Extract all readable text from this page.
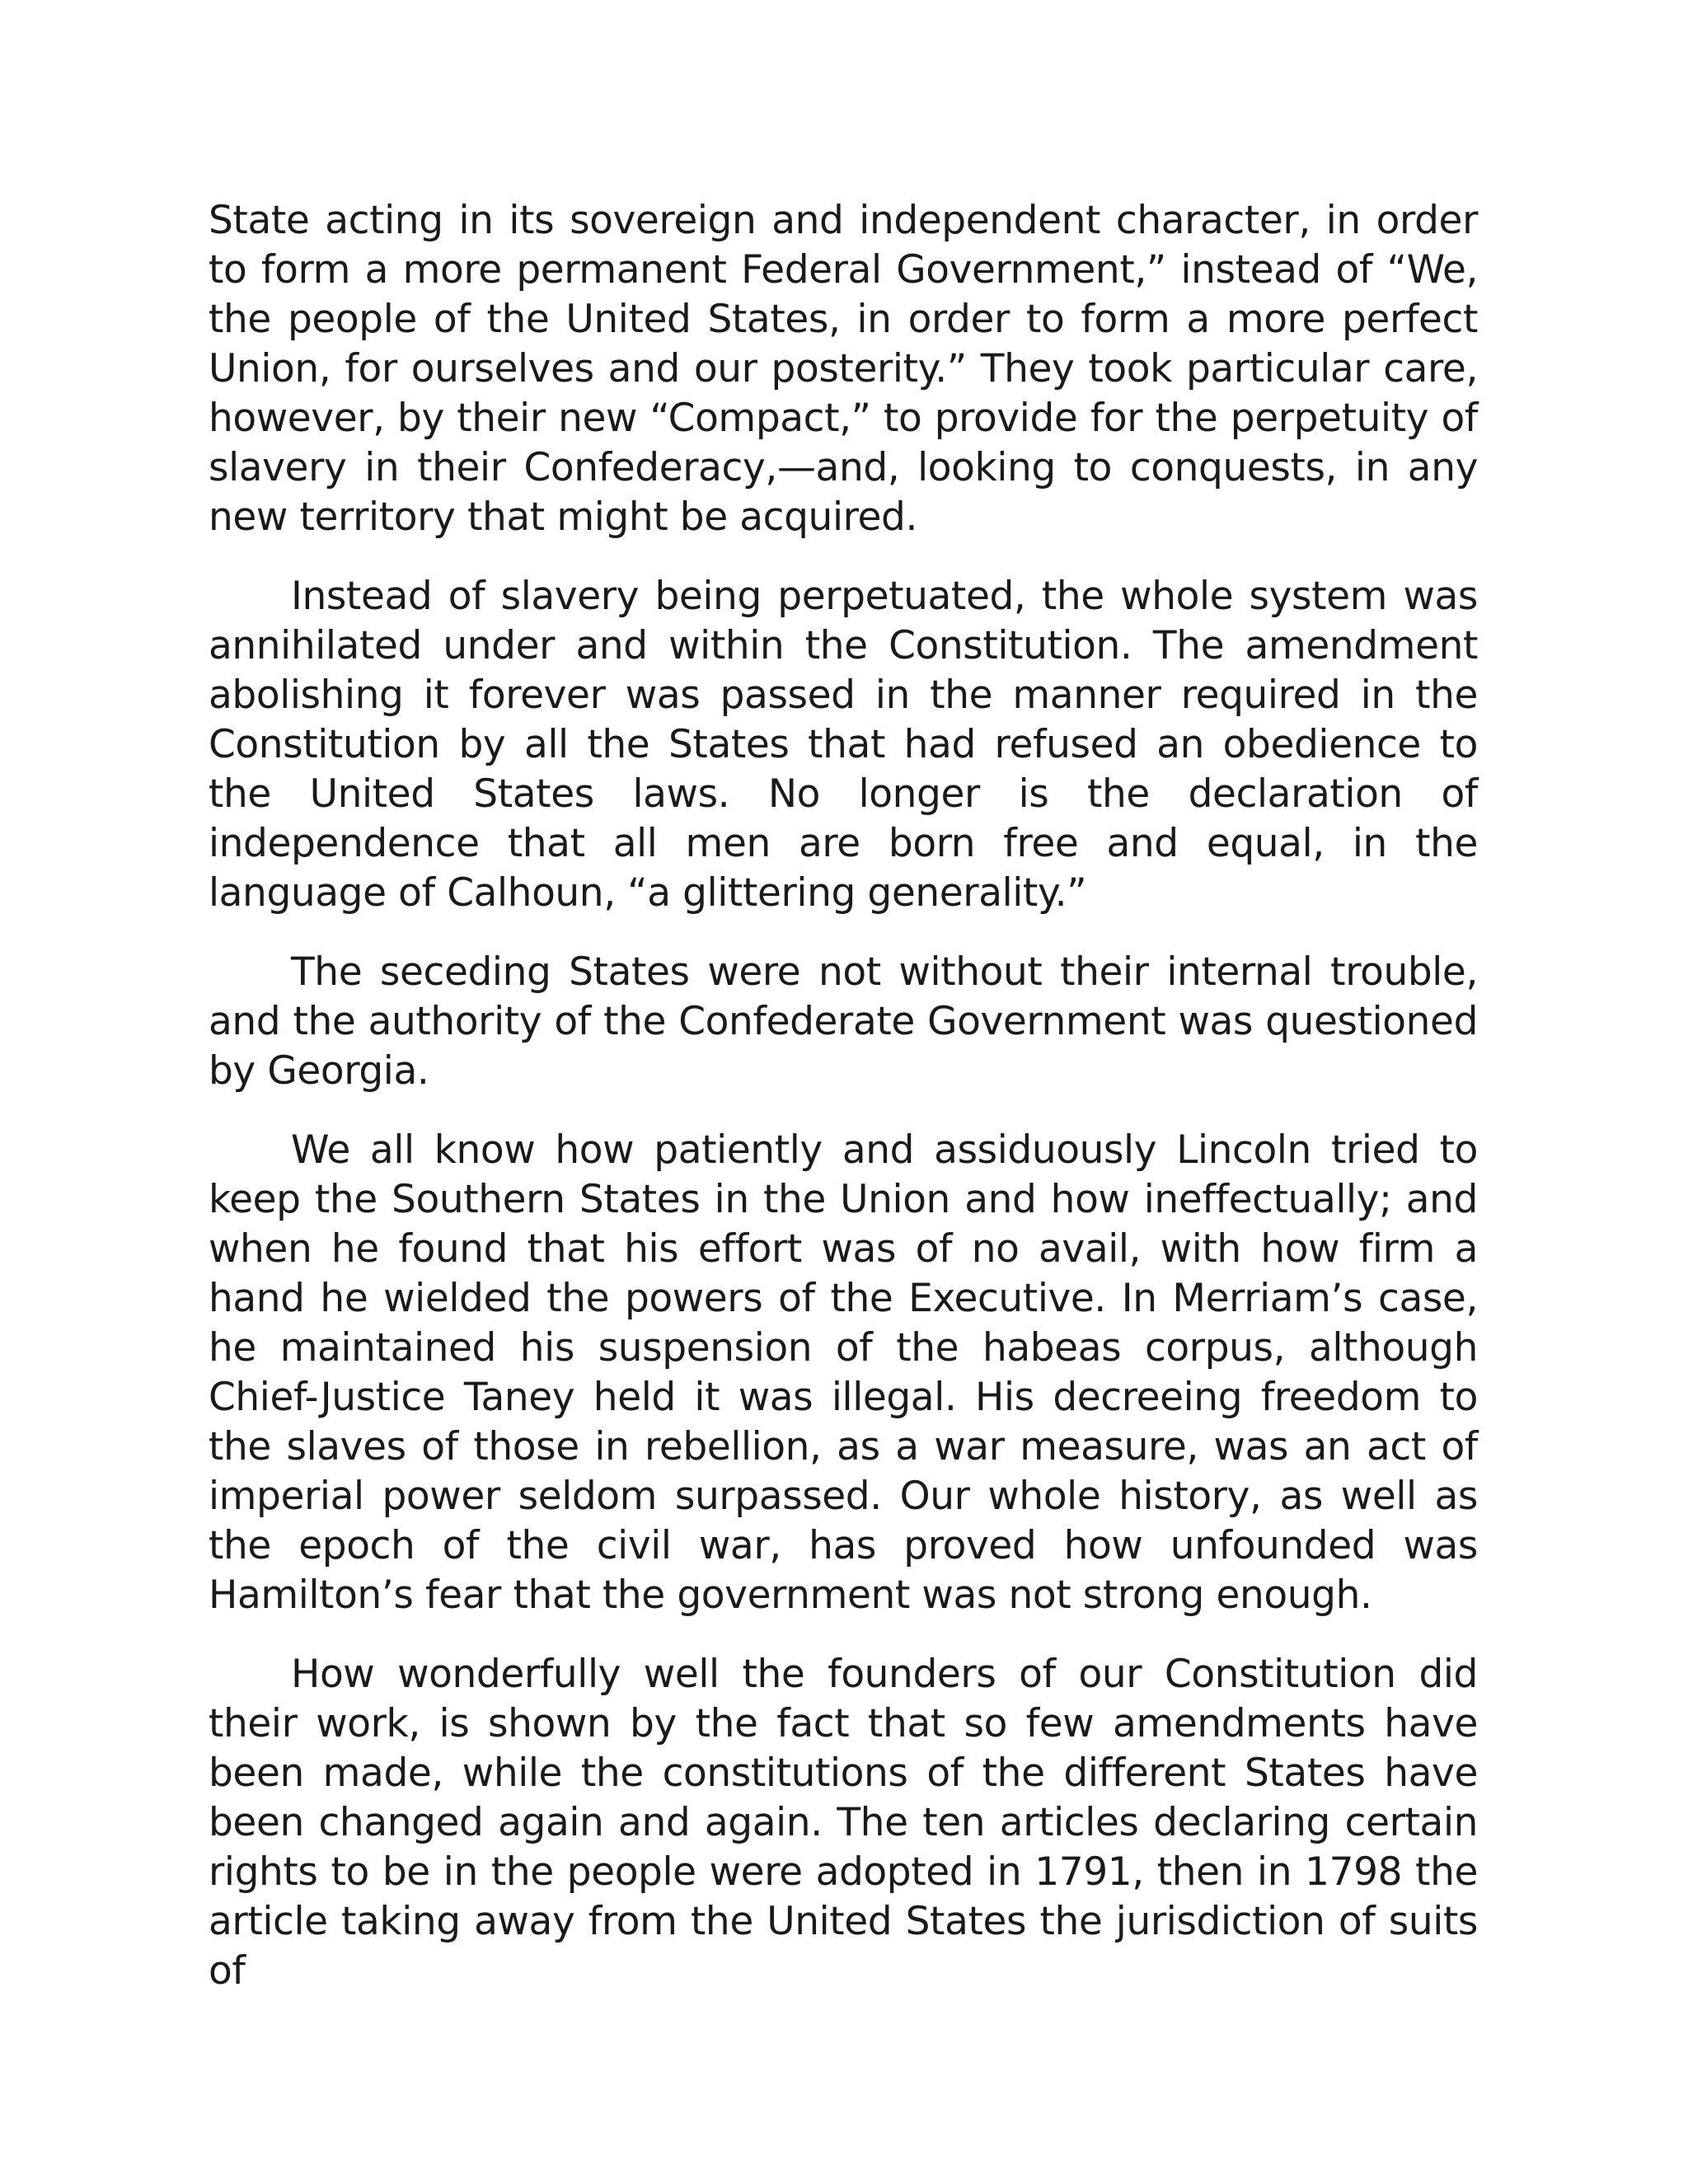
State acting in its sovereign and independent character, in order to form a more permanent Federal Government,” instead of “We, the people of the United States, in order to form a more perfect Union, for ourselves and our posterity.” They took particular care, however, by their new “Compact,” to provide for the perpetuity of slavery in their Confederacy,—and, looking to conquests, in any new territory that might be acquired.

Instead of slavery being perpetuated, the whole system was annihilated under and within the Constitution. The amendment abolishing it forever was passed in the manner required in the Constitution by all the States that had refused an obedience to the United States laws. No longer is the declaration of independence that all men are born free and equal, in the language of Calhoun, “a glittering generality.”

The seceding States were not without their internal trouble, and the authority of the Confederate Government was questioned by Georgia.

We all know how patiently and assiduously Lincoln tried to keep the Southern States in the Union and how ineffectually; and when he found that his effort was of no avail, with how firm a hand he wielded the powers of the Executive. In Merriam’s case, he maintained his suspension of the habeas corpus, although Chief-Justice Taney held it was illegal. His decreeing freedom to the slaves of those in rebellion, as a war measure, was an act of imperial power seldom surpassed. Our whole history, as well as the epoch of the civil war, has proved how unfounded was Hamilton’s fear that the government was not strong enough.

How wonderfully well the founders of our Constitution did their work, is shown by the fact that so few amendments have been made, while the constitutions of the different States have been changed again and again. The ten articles declaring certain rights to be in the people were adopted in 1791, then in 1798 the article taking away from the United States the jurisdiction of suits of
